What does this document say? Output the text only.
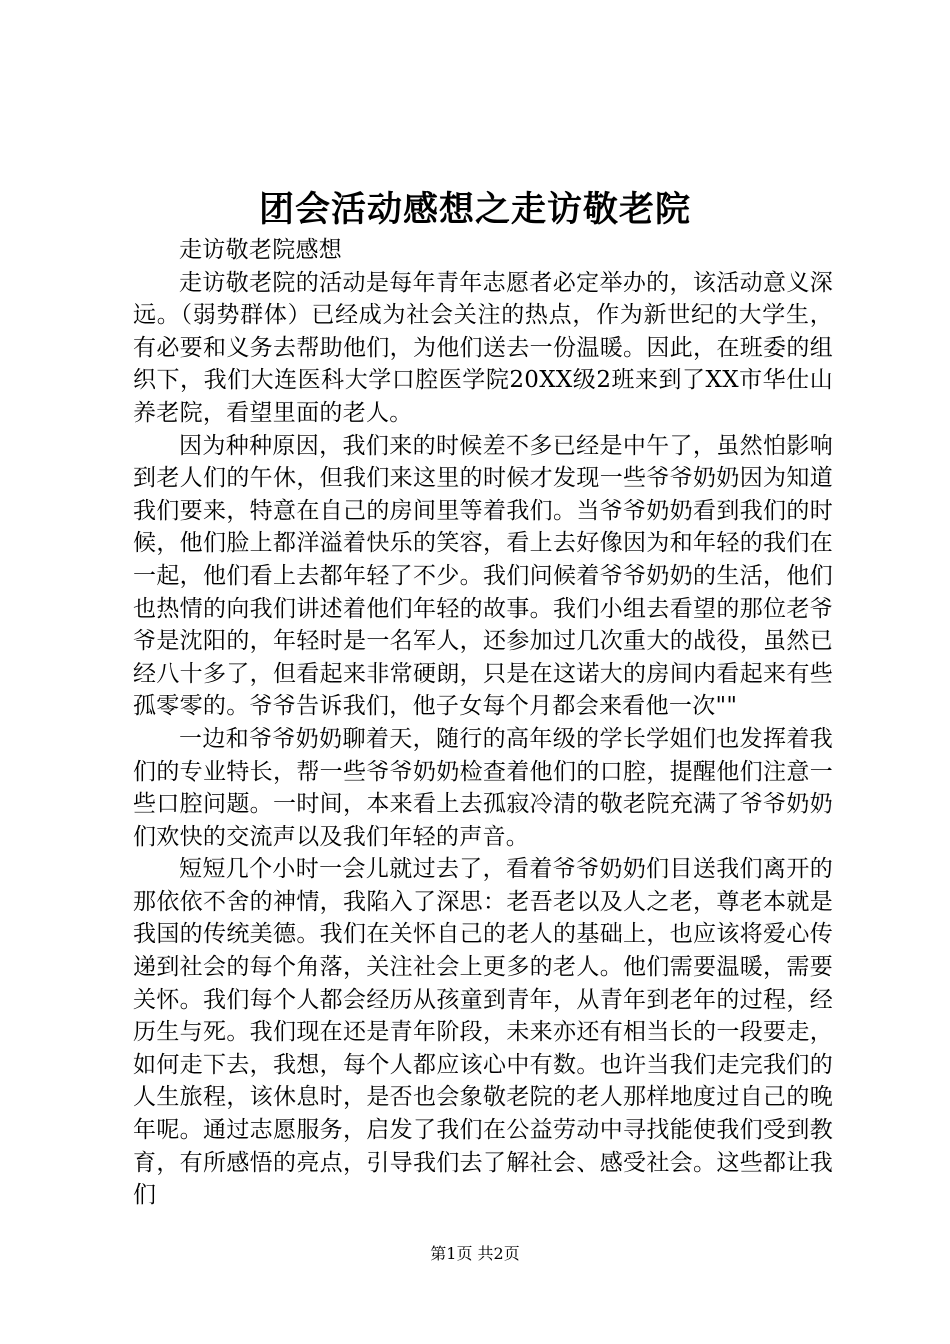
团会活动感想之走访敬老院

走访敬老院感想

走访敬老院的活动是每年青年志愿者必定举办的，该活动意义深远。（弱势群体）已经成为社会关注的热点，作为新世纪的大学生，有必要和义务去帮助他们，为他们送去一份温暖。因此，在班委的组织下，我们大连医科大学口腔医学院20XX级2班来到了XX市华仕山养老院，看望里面的老人。

因为种种原因，我们来的时候差不多已经是中午了，虽然怕影响到老人们的午休，但我们来这里的时候才发现一些爷爷奶奶因为知道我们要来，特意在自己的房间里等着我们。当爷爷奶奶看到我们的时候，他们脸上都洋溢着快乐的笑容，看上去好像因为和年轻的我们在一起，他们看上去都年轻了不少。我们问候着爷爷奶奶的生活，他们也热情的向我们讲述着他们年轻的故事。我们小组去看望的那位老爷爷是沈阳的，年轻时是一名军人，还参加过几次重大的战役，虽然已经八十多了，但看起来非常硬朗，只是在这诺大的房间内看起来有些孤零零的。爷爷告诉我们，他子女每个月都会来看他一次""

一边和爷爷奶奶聊着天，随行的高年级的学长学姐们也发挥着我们的专业特长，帮一些爷爷奶奶检查着他们的口腔，提醒他们注意一些口腔问题。一时间，本来看上去孤寂冷清的敬老院充满了爷爷奶奶们欢快的交流声以及我们年轻的声音。

短短几个小时一会儿就过去了，看着爷爷奶奶们目送我们离开的那依依不舍的神情，我陷入了深思：老吾老以及人之老，尊老本就是我国的传统美德。我们在关怀自己的老人的基础上，也应该将爱心传递到社会的每个角落，关注社会上更多的老人。他们需要温暖，需要关怀。我们每个人都会经历从孩童到青年，从青年到老年的过程，经历生与死。我们现在还是青年阶段，未来亦还有相当长的一段要走，如何走下去，我想，每个人都应该心中有数。也许当我们走完我们的人生旅程，该休息时，是否也会象敬老院的老人那样地度过自己的晚年呢。通过志愿服务，启发了我们在公益劳动中寻找能使我们受到教育，有所感悟的亮点，引导我们去了解社会、感受社会。这些都让我们

第1页 共2页
